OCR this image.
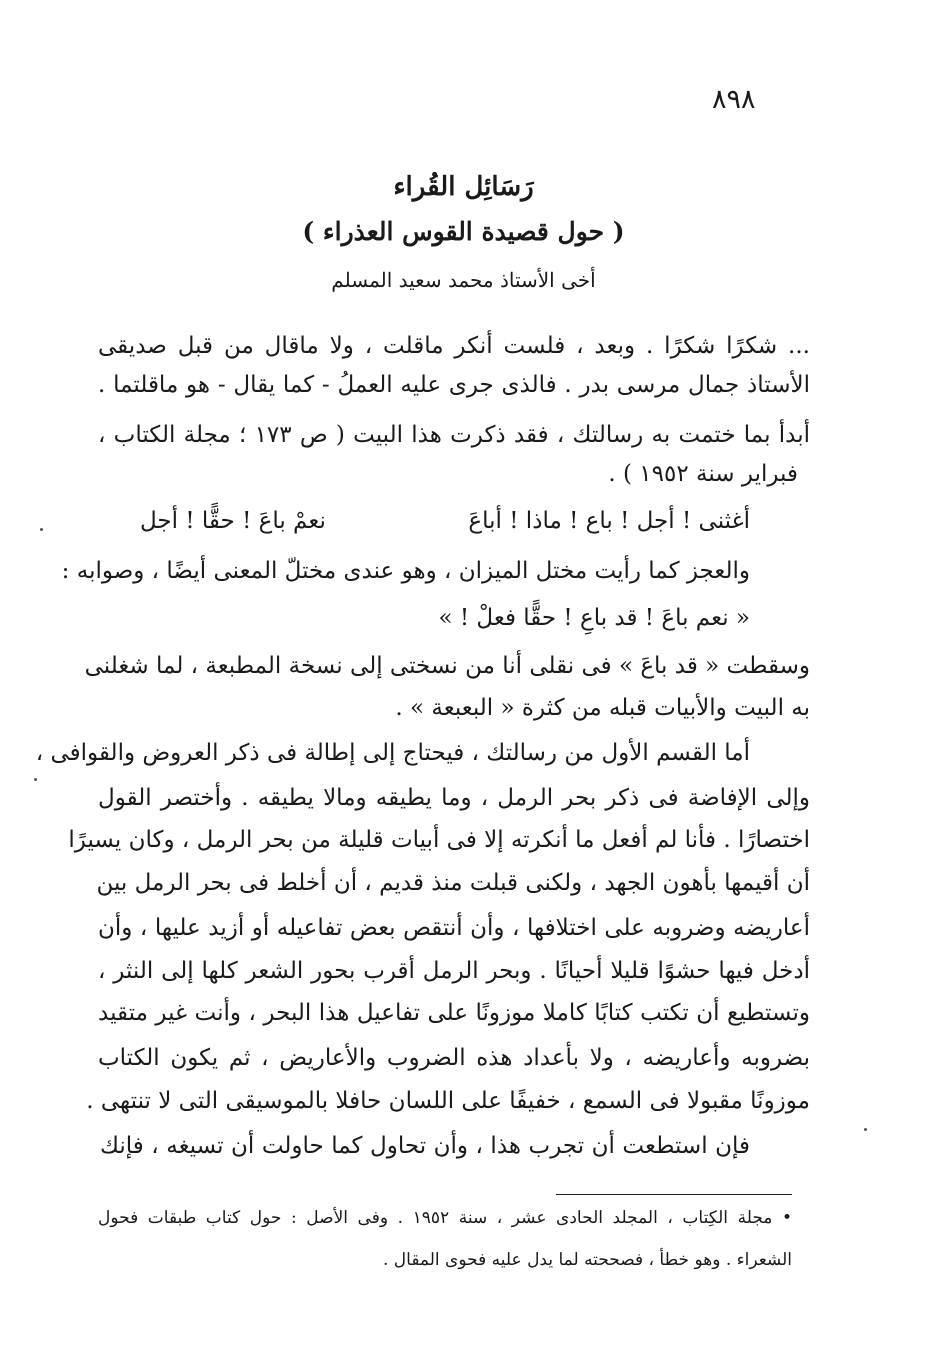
٨٩٨
رَسَائِل القُراء
( حول قصيدة القوس العذراء )
أخى الأستاذ محمد سعيد المسلم
... شكرًا شكرًا . وبعد ، فلست أنكر ماقلت ، ولا ماقال من قبل صديقى
الأستاذ جمال مرسى بدر . فالذى جرى عليه العملُ - كما يقال - هو ماقلتما .
أبدأ بما ختمت به رسالتك ، فقد ذكرت هذا البيت ( ص ١٧٣ ؛ مجلة الكتاب ،
فبراير سنة ١٩٥٢ ) .
أغثنى ! أجل ! باع ! ماذا ! أباعَ
نعمْ باعَ ! حقًّا ! أجل
والعجز كما رأيت مختل الميزان ، وهو عندى مختلّ المعنى أيضًا ، وصوابه :
« نعم باعَ ! قد باعِ ! حقًّا فعلْ ! »
وسقطت « قد باعَ » فى نقلى أنا من نسختى إلى نسخة المطبعة ، لما شغلنى
به البيت والأبيات قبله من كثرة « البعبعة » .
أما القسم الأول من رسالتك ، فيحتاج إلى إطالة فى ذكر العروض والقوافى ،
وإلى الإفاضة فى ذكر بحر الرمل ، وما يطيقه ومالا يطيقه . وأختصر القول
اختصارًا . فأنا لم أفعل ما أنكرته إلا فى أبيات قليلة من بحر الرمل ، وكان يسيرًا
أن أقيمها بأهون الجهد ، ولكنى قبلت منذ قديم ، أن أخلط فى بحر الرمل بين
أعاريضه وضروبه على اختلافها ، وأن أنتقص بعض تفاعيله أو أزيد عليها ، وأن
أدخل فيها حشوًا قليلا أحيانًا . وبحر الرمل أقرب بحور الشعر كلها إلى النثر ،
وتستطيع أن تكتب كتابًا كاملا موزونًا على تفاعيل هذا البحر ، وأنت غير متقيد
بضروبه وأعاريضه ، ولا بأعداد هذه الضروب والأعاريض ، ثم يكون الكتاب
موزونًا مقبولا فى السمع ، خفيفًا على اللسان حافلا بالموسيقى التى لا تنتهى .
فإن استطعت أن تجرب هذا ، وأن تحاول كما حاولت أن تسيغه ، فإنك
• مجلة الكِتاب ، المجلد الحادى عشر ، سنة ١٩٥٢ . وفى الأصل : حول كتاب طبقات فحول
الشعراء . وهو خطأ ، فصححته لما يدل عليه فحوى المقال .
